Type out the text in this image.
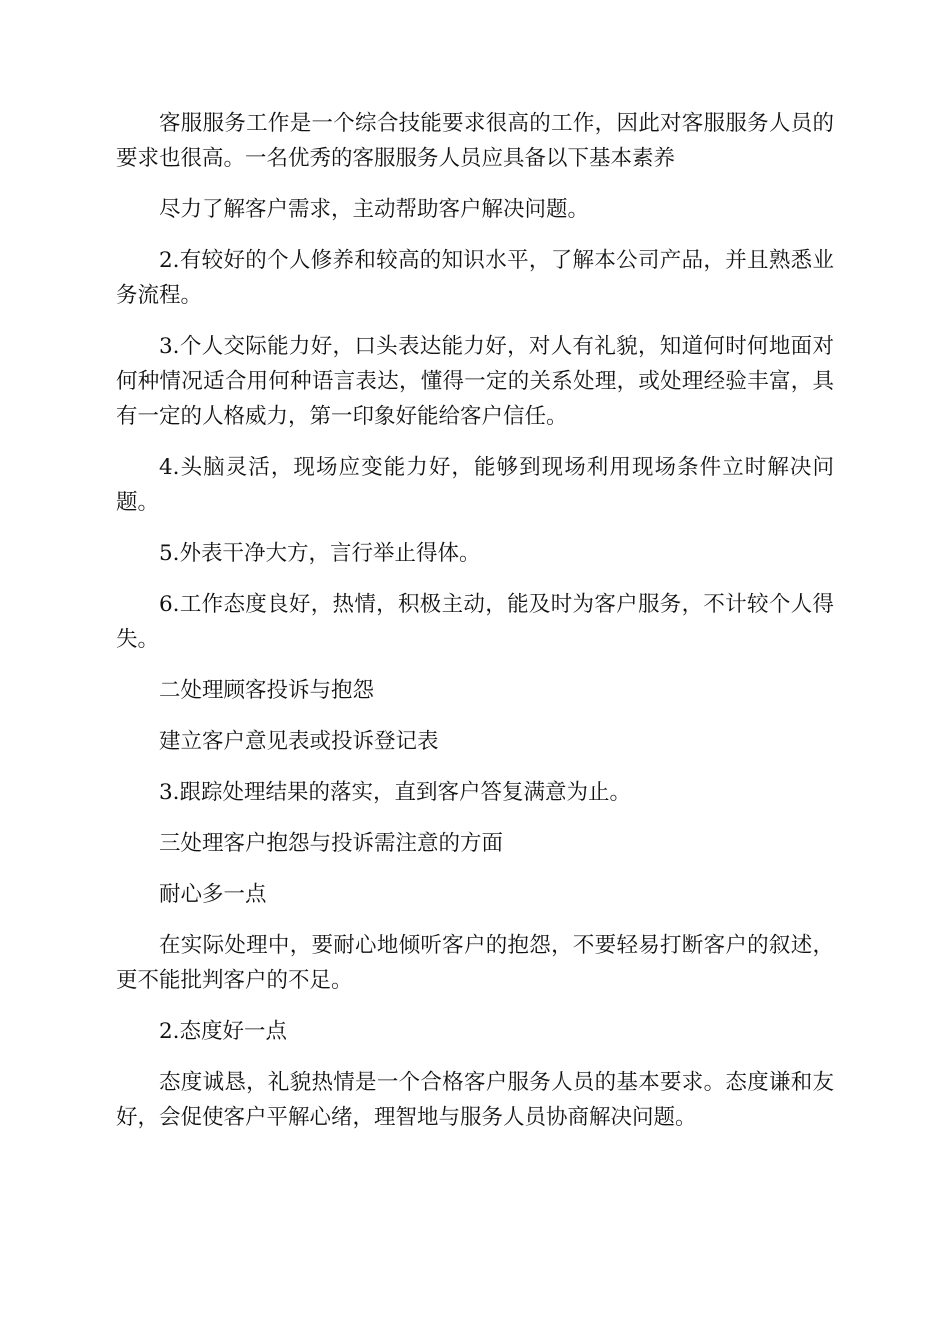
客服服务工作是一个综合技能要求很高的工作，因此对客服服务人员的要求也很高。一名优秀的客服服务人员应具备以下基本素养

尽力了解客户需求，主动帮助客户解决问题。

2.有较好的个人修养和较高的知识水平，了解本公司产品，并且熟悉业务流程。

3.个人交际能力好，口头表达能力好，对人有礼貌，知道何时何地面对何种情况适合用何种语言表达，懂得一定的关系处理，或处理经验丰富，具有一定的人格威力，第一印象好能给客户信任。

4.头脑灵活，现场应变能力好，能够到现场利用现场条件立时解决问题。

5.外表干净大方，言行举止得体。

6.工作态度良好，热情，积极主动，能及时为客户服务，不计较个人得失。

二处理顾客投诉与抱怨

建立客户意见表或投诉登记表

3.跟踪处理结果的落实，直到客户答复满意为止。

三处理客户抱怨与投诉需注意的方面

耐心多一点

在实际处理中，要耐心地倾听客户的抱怨，不要轻易打断客户的叙述，更不能批判客户的不足。

2.态度好一点

态度诚恳，礼貌热情是一个合格客户服务人员的基本要求。态度谦和友好，会促使客户平解心绪，理智地与服务人员协商解决问题。
